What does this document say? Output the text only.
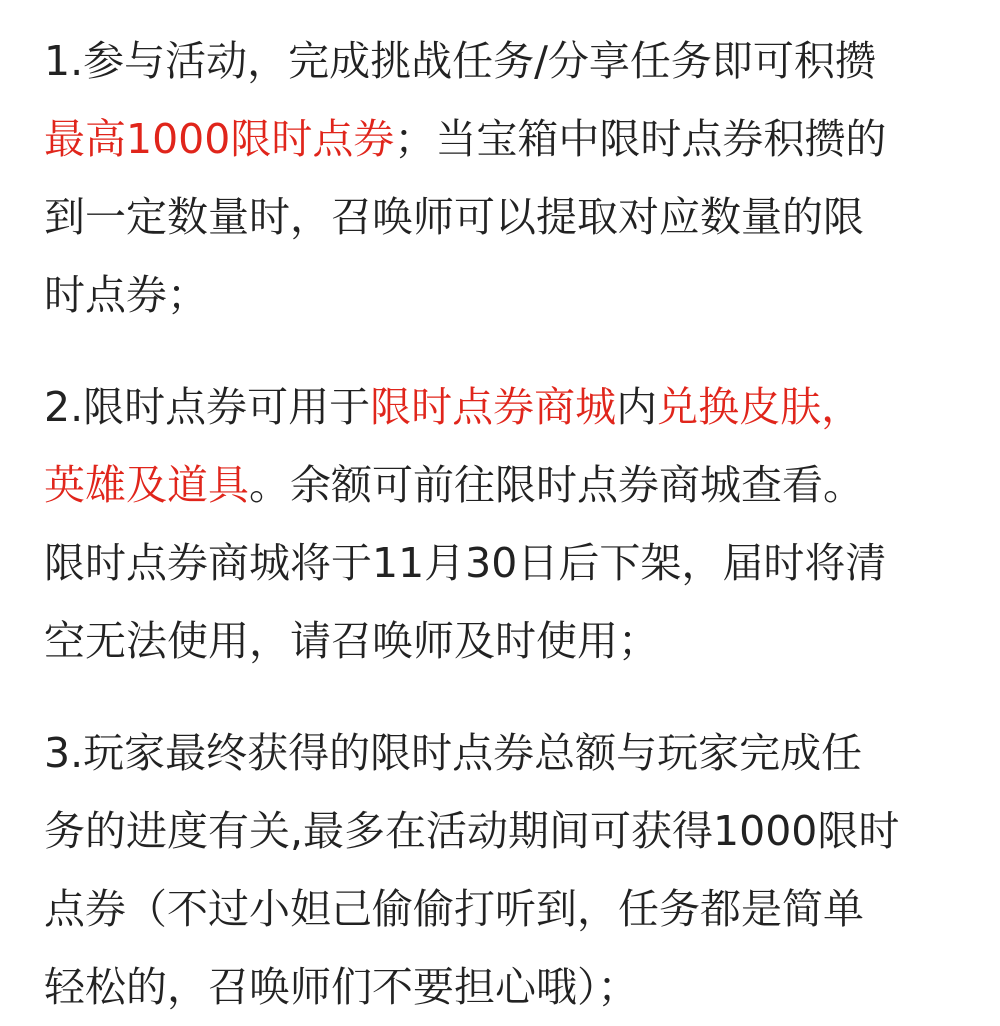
1.参与活动，完成挑战任务/分享任务即可积攒
最高1000限时点券；当宝箱中限时点券积攒的
到一定数量时，召唤师可以提取对应数量的限
时点券；

2.限时点券可用于限时点券商城内兑换皮肤，
英雄及道具。余额可前往限时点券商城查看。
限时点券商城将于11月30日后下架，届时将清
空无法使用，请召唤师及时使用；

3.玩家最终获得的限时点券总额与玩家完成任
务的进度有关,最多在活动期间可获得1000限时
点券（不过小妲己偷偷打听到，任务都是简单
轻松的，召唤师们不要担心哦）；
